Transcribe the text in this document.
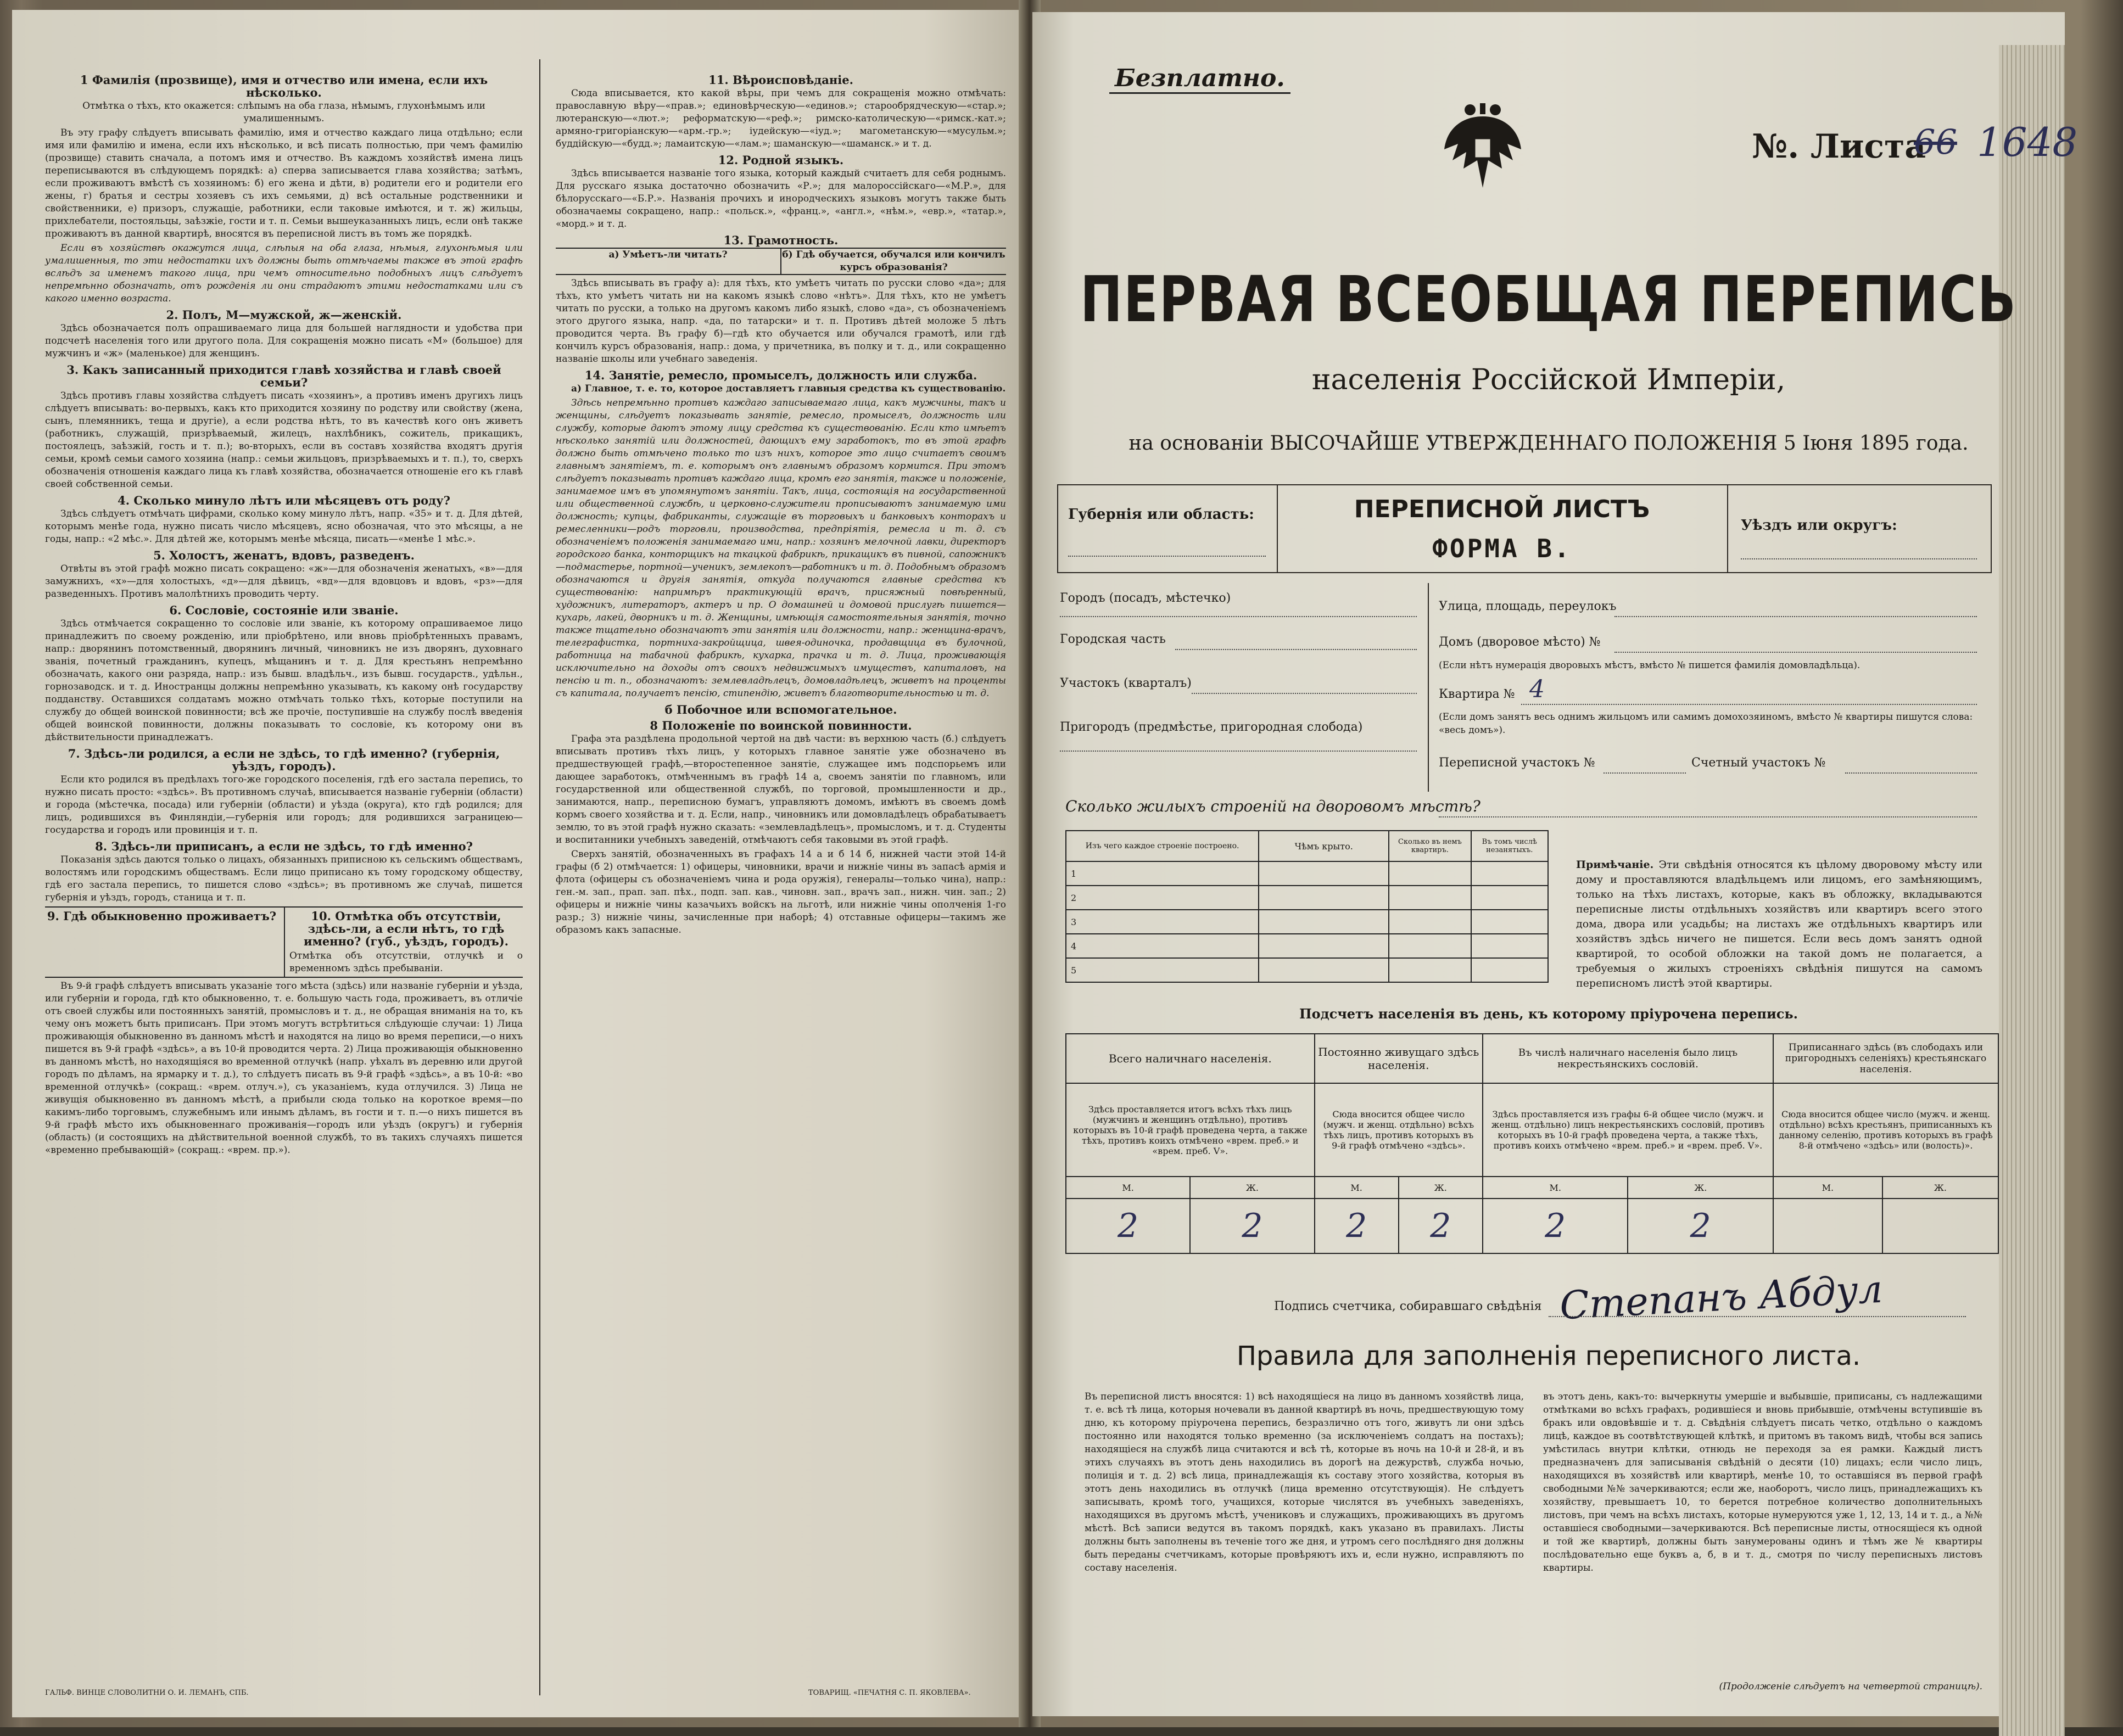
1 Фамилія (прозвище), имя и отчество или имена, если ихъ нѣсколько.

Отмѣтка о тѣхъ, кто окажется: слѣпымъ на оба глаза, нѣмымъ, глухонѣмымъ или умалишеннымъ.

Въ эту графу слѣдуетъ вписывать фамилію, имя и отчество каждаго лица отдѣльно; если имя или фамилію и имена, если ихъ нѣсколько, и всѣ писать полностью, при чемъ фамилію (прозвище) ставить сначала, а потомъ имя и отчество. Въ каждомъ хозяйствѣ имена лицъ переписываются въ слѣдующемъ порядкѣ: а) сперва записывается глава хозяйства; затѣмъ, если проживаютъ вмѣстѣ съ хозяиномъ: б) его жена и дѣти, в) родители его и родители его жены, г) братья и сестры хозяевъ съ ихъ семьями, д) всѣ остальные родственники и свойственники, е) призоръ, служащіе, работники, если таковые имѣются, и т. ж) жильцы, прихлебатели, постояльцы, заѣзжіе, гости и т. п. Семьи вышеуказанныхъ лицъ, если онѣ также проживаютъ въ данной квартирѣ, вносятся въ переписной листъ въ томъ же порядкѣ.

Если въ хозяйствѣ окажутся лица, слѣпыя на оба глаза, нѣмыя, глухонѣмыя или умалишенныя, то эти недостатки ихъ должны быть отмѣчаемы также въ этой графѣ вслѣдъ за именемъ такого лица, при чемъ относительно подобныхъ лицъ слѣдуетъ непремѣнно обозначать, отъ рожденія ли они страдаютъ этими недостатками или съ какого именно возраста.

2. Полъ, М—мужской, ж—женскій.

Здѣсь обозначается полъ опрашиваемаго лица для большей наглядности и удобства при подсчетѣ населенія того или другого пола. Для сокращенія можно писать «М» (большое) для мужчинъ и «ж» (маленькое) для женщинъ.

3. Какъ записанный приходится главѣ хозяйства и главѣ своей семьи?

Здѣсь противъ главы хозяйства слѣдуетъ писать «хозяинъ», а противъ именъ другихъ лицъ слѣдуетъ вписывать: во-первыхъ, какъ кто приходится хозяину по родству или свойству (жена, сынъ, племянникъ, теща и другіе), а если родства нѣтъ, то въ качествѣ кого онъ живетъ (работникъ, служащій, призрѣваемый, жилецъ, нахлѣбникъ, сожитель, прикащикъ, постоялецъ, заѣзжій, гость и т. п.); во-вторыхъ, если въ составъ хозяйства входятъ другія семьи, кромѣ семьи самого хозяина (напр.: семьи жильцовъ, призрѣваемыхъ и т. п.), то, сверхъ обозначенія отношенія каждаго лица къ главѣ хозяйства, обозначается отношеніе его къ главѣ своей собственной семьи.

4. Сколько минуло лѣтъ или мѣсяцевъ отъ роду?

Здѣсь слѣдуетъ отмѣчать цифрами, сколько кому минуло лѣтъ, напр. «35» и т. д. Для дѣтей, которымъ менѣе года, нужно писать число мѣсяцевъ, ясно обозначая, что это мѣсяцы, а не годы, напр.: «2 мѣс.». Для дѣтей же, которымъ менѣе мѣсяца, писать—«менѣе 1 мѣс.».

5. Холостъ, женатъ, вдовъ, разведенъ.

Отвѣты въ этой графѣ можно писать сокращено: «ж»—для обозначенія женатыхъ, «в»—для замужнихъ, «х»—для холостыхъ, «д»—для дѣвицъ, «вд»—для вдовцовъ и вдовъ, «рз»—для разведенныхъ. Противъ малолѣтнихъ проводить черту.

6. Сословіе, состояніе или званіе.

Здѣсь отмѣчается сокращенно то сословіе или званіе, къ которому опрашиваемое лицо принадлежитъ по своему рожденію, или пріобрѣтено, или вновь пріобрѣтенныхъ правамъ, напр.: дворянинъ потомственный, дворянинъ личный, чиновникъ не изъ дворянъ, духовнаго званія, почетный гражданинъ, купецъ, мѣщанинъ и т. д. Для крестьянъ непремѣнно обозначать, какого они разряда, напр.: изъ бывш. владѣльч., изъ бывш. государств., удѣльн., горнозаводск. и т. д. Иностранцы должны непремѣнно указывать, къ какому онѣ государству подданству. Оставшихся солдатамъ можно отмѣчать только тѣхъ, которые поступили на службу до общей воинской повинности; всѣ же прочіе, поступившіе на службу послѣ введенія общей воинской повинности, должны показывать то сословіе, къ которому они въ дѣйствительности принадлежатъ.

7. Здѣсь-ли родился, а если не здѣсь, то гдѣ именно? (губернія, уѣздъ, городъ).

Если кто родился въ предѣлахъ того-же городского поселенія, гдѣ его застала перепись, то нужно писать просто: «здѣсь». Въ противномъ случаѣ, вписывается названіе губерніи (области) и города (мѣстечка, посада) или губерніи (области) и уѣзда (округа), кто гдѣ родился; для лицъ, родившихся въ Финляндіи,—губернія или городъ; для родившихся заграницею—государства и городъ или провинція и т. п.

8. Здѣсь-ли приписанъ, а если не здѣсь, то гдѣ именно?

Показанія здѣсь даются только о лицахъ, обязанныхъ приписною къ сельскимъ обществамъ, волостямъ или городскимъ обществамъ. Если лицо приписано къ тому городскому обществу, гдѣ его застала перепись, то пишется слово «здѣсь»; въ противномъ же случаѣ, пишется губернія и уѣздъ, городъ, станица и т. п.

9. Гдѣ обыкновенно проживаетъ?	10. Отмѣтка объ отсутствіи, здѣсь-ли, а если нѣтъ, то гдѣ именно? (губ., уѣздъ, городъ).

Отмѣтка объ отсутствіи, отлучкѣ и о временномъ здѣсь пребываніи.

Въ 9-й графѣ слѣдуетъ вписывать указаніе того мѣста (здѣсь) или названіе губерніи и уѣзда, или губерніи и города, гдѣ кто обыкновенно, т. е. большую часть года, проживаетъ, въ отличіе отъ своей службы или постоянныхъ занятій, промысловъ и т. д., не обращая вниманія на то, къ чему онъ можетъ быть приписанъ. При этомъ могутъ встрѣтиться слѣдующіе случаи: 1) Лица проживающія обыкновенно въ данномъ мѣстѣ и находятся на лицо во время переписи,—о нихъ пишется въ 9-й графѣ «здѣсь», а въ 10-й проводится черта. 2) Лица проживающія обыкновенно въ данномъ мѣстѣ, но находящіяся во временной отлучкѣ (напр. уѣхалъ въ деревню или другой городъ по дѣламъ, на ярмарку и т. д.), то слѣдуетъ писать въ 9-й графѣ «здѣсь», а въ 10-й: «во временной отлучкѣ» (сокращ.: «врем. отлуч.»), съ указаніемъ, куда отлучился. 3) Лица не живущія обыкновенно въ данномъ мѣстѣ, а прибыли сюда только на короткое время—по какимъ-либо торговымъ, служебнымъ или инымъ дѣламъ, въ гости и т. п.—о нихъ пишется въ 9-й графѣ мѣсто ихъ обыкновеннаго проживанія—городъ или уѣздъ (округъ) и губернія (область) (и состоящихъ на дѣйствительной военной службѣ, то въ такихъ случаяхъ пишется «временно пребывающій» (сокращ.: «врем. пр.»).

ГАЛЬФ. ВИНЦЕ СЛОВОЛИТНИ О. И. ЛЕМАНЪ, СПБ.
11. Вѣроисповѣданіе.

Сюда вписывается, кто какой вѣры, при чемъ для сокращенія можно отмѣчать: православную вѣру—«прав.»; единовѣрческую—«единов.»; старообрядческую—«стар.»; лютеранскую—«лют.»; реформатскую—«реф.»; римско-католическую—«римск.-кат.»; армяно-григоріанскую—«арм.-гр.»; іудейскую—«іуд.»; магометанскую—«мусульм.»; буддійскую—«будд.»; ламаитскую—«лам.»; шаманскую—«шаманск.» и т. д.

12. Родной языкъ.

Здѣсь вписывается названіе того языка, который каждый считаетъ для себя роднымъ. Для русскаго языка достаточно обозначить «Р.»; для малороссійскаго—«М.Р.», для бѣлорусскаго—«Б.Р.». Названія прочихъ и инородческихъ языковъ могутъ также быть обозначаемы сокращено, напр.: «польск.», «франц.», «англ.», «нѣм.», «евр.», «татар.», «морд.» и т. д.

13. Грамотность.
а) Умѣетъ-ли читать?	б) Гдѣ обучается, обучался или кончилъ курсъ образованія?

Здѣсь вписывать въ графу а): для тѣхъ, кто умѣетъ читать по русски слово «да»; для тѣхъ, кто умѣетъ читать ни на какомъ языкѣ слово «нѣтъ». Для тѣхъ, кто не умѣетъ читать по русски, а только на другомъ какомъ либо языкѣ, слово «да», съ обозначеніемъ этого другого языка, напр. «да, по татарски» и т. п. Противъ дѣтей моложе 5 лѣтъ проводится черта. Въ графу б)—гдѣ кто обучается или обучался грамотѣ, или гдѣ кончилъ курсъ образованія, напр.: дома, у причетника, въ полку и т. д., или сокращенно названіе школы или учебнаго заведенія.

14. Занятіе, ремесло, промыселъ, должность или служба.

а) Главное, т. е. то, которое доставляетъ главныя средства къ существованію.

Здѣсь непремѣнно противъ каждаго записываемаго лица, какъ мужчины, такъ и женщины, слѣдуетъ показывать занятіе, ремесло, промыселъ, должность или службу, которые даютъ этому лицу средства къ существованію. Если кто имѣетъ нѣсколько занятій или должностей, дающихъ ему заработокъ, то въ этой графѣ должно быть отмѣчено только то изъ нихъ, которое это лицо считаетъ своимъ главнымъ занятіемъ, т. е. которымъ онъ главнымъ образомъ кормится. При этомъ слѣдуетъ показывать противъ каждаго лица, кромѣ его занятія, также и положеніе, занимаемое имъ въ упомянутомъ занятіи. Такъ, лица, состоящія на государственной или общественной службѣ, и церковно-служители прописываютъ занимаемую ими должность; купцы, фабриканты, служащіе въ торговыхъ и банковыхъ конторахъ и ремесленники—родъ торговли, производства, предпріятія, ремесла и т. д. съ обозначеніемъ положенія занимаемаго ими, напр.: хозяинъ мелочной лавки, директоръ городского банка, конторщикъ на ткацкой фабрикѣ, прикащикъ въ пивной, сапожникъ—подмастерье, портной—ученикъ, землекопъ—работникъ и т. д. Подобнымъ образомъ обозначаются и другія занятія, откуда получаются главные средства къ существованію: напримѣръ практикующій врачъ, присяжный повѣренный, художникъ, литераторъ, актеръ и пр. О домашней и домовой прислугѣ пишется—кухарь, лакей, дворникъ и т. д. Женщины, имѣющія самостоятельныя занятія, точно также тщательно обозначаютъ эти занятія или должности, напр.: женщина-врачъ, телеграфистка, портниха-закройщица, швея-одиночка, продавщица въ булочной, работница на табачной фабрикѣ, кухарка, прачка и т. д. Лица, проживающія исключительно на доходы отъ своихъ недвижимыхъ имуществъ, капиталовъ, на пенсію и т. п., обозначаютъ: землевладѣлецъ, домовладѣлецъ, живетъ на проценты съ капитала, получаетъ пенсію, стипендію, живетъ благотворительностью и т. д.

б Побочное или вспомогательное.
8 Положеніе по воинской повинности.

Графа эта раздѣлена продольной чертой на двѣ части: въ верхнюю часть (б.) слѣдуетъ вписывать противъ тѣхъ лицъ, у которыхъ главное занятіе уже обозначено въ предшествующей графѣ,—второстепенное занятіе, служащее имъ подспорьемъ или дающее заработокъ, отмѣченнымъ въ графѣ 14 а, своемъ занятіи по главномъ, или государственной или общественной службѣ, по торговой, промышленности и др., занимаются, напр., переписною бумагъ, управляютъ домомъ, имѣютъ въ своемъ домѣ кормъ своего хозяйства и т. д. Если, напр., чиновникъ или домовладѣлецъ обрабатываетъ землю, то въ этой графѣ нужно сказать: «землевладѣлецъ», промысломъ, и т. д. Студенты и воспитанники учебныхъ заведеній, отмѣчаютъ себя таковыми въ этой графѣ.

Сверхъ занятій, обозначенныхъ въ графахъ 14 а и б 14 б, нижней части этой 14-й графы (б 2) отмѣчается: 1) офицеры, чиновники, врачи и нижніе чины въ запасѣ армія и флота (офицеры съ обозначеніемъ чина и рода оружія), генералы—только чина), напр.: ген.-м. зап., прап. зап. пѣх., подп. зап. кав., чиновн. зап., врачъ зап., нижн. чин. зап.; 2) офицеры и нижніе чины казачьихъ войскъ на льготѣ, или нижніе чины ополченія 1-го разр.; 3) нижніе чины, зачисленные при наборѣ; 4) отставные офицеры—такимъ же образомъ какъ запасные.

ТОВАРИЩ. «ПЕЧАТНЯ С. П. ЯКОВЛЕВА».
Безплатно.
№. Листа
66 1648
ПЕРВАЯ ВСЕОБЩАЯ ПЕРЕПИСЬ
населенія Россійской Имперіи,
на основаніи ВЫСОЧАЙШЕ УТВЕРЖДЕННАГО ПОЛОЖЕНІЯ 5 Іюня 1895 года.
Губернія или область:	ПЕРЕПИСНОЙ ЛИСТЪ
ФОРМА В.
Уѣздъ или округъ:
Городъ (посадъ, мѣстечко)
Городская часть
Участокъ (кварталъ)
Пригородъ (предмѣстье, пригородная слобода)
Улица, площадь, переулокъ
Домъ (дворовое мѣсто) №
(Если нѣтъ нумерація дворовыхъ мѣстъ, вмѣсто № пишется фамилія домовладѣльца).
Квартира № 4
(Если домъ занятъ весь однимъ жильцомъ или самимъ домохозяиномъ, вмѣсто № квартиры пишутся слова: «весь домъ»).
Переписной участокъ №	Счетный участокъ №
Сколько жилыхъ строеній на дворовомъ мѣстѣ?
Изъ чего каждое строеніе построено.	Чѣмъ крыто.	Сколько въ немъ квартиръ.	Въ томъ числѣ незанятыхъ.
1			
2			
3			
4			
5			
Примѣчаніе. Эти свѣдѣнія относятся къ цѣлому дворовому мѣсту или дому и проставляются владѣльцемъ или лицомъ, его замѣняющимъ, только на тѣхъ листахъ, которые, какъ въ обложку, вкладываются переписные листы отдѣльныхъ хозяйствъ или квартиръ всего этого дома, двора или усадьбы; на листахъ же отдѣльныхъ квартиръ или хозяйствъ здѣсь ничего не пишется. Если весь домъ занятъ одной квартирой, то особой обложки на такой домъ не полагается, а требуемыя о жилыхъ строеніяхъ свѣдѣнія пишутся на самомъ переписномъ листѣ этой квартиры.
Подсчетъ населенія въ день, къ которому пріурочена перепись.
Всего наличнаго населенія.		Постоянно живущаго здѣсь населенія.		Въ числѣ наличнаго населенія было лицъ некрестьянскихъ сословій.		Приписаннаго здѣсь (въ слободахъ или пригородныхъ селеніяхъ) крестьянскаго населенія.	
Здѣсь проставляется итогъ всѣхъ тѣхъ лицъ (мужчинъ и женщинъ отдѣльно), противъ которыхъ въ 10-й графѣ проведена черта, а также тѣхъ, противъ коихъ отмѣчено «врем. преб.» и «врем. преб. V».		Сюда вносится общее число (мужч. и женщ. отдѣльно) всѣхъ тѣхъ лицъ, противъ которыхъ въ 9-й графѣ отмѣчено «здѣсь».		Здѣсь проставляется изъ графы 6-й общее число (мужч. и женщ. отдѣльно) лицъ некрестьянскихъ сословій, противъ которыхъ въ 10-й графѣ проведена черта, а также тѣхъ, противъ коихъ отмѣчено «врем. преб.» и «врем. преб. V».		Сюда вносится общее число (мужч. и женщ. отдѣльно) всѣхъ крестьянъ, приписанныхъ къ данному селенію, противъ которыхъ въ графѣ 8-й отмѣчено «здѣсь» или (волость)».	
М.	Ж.	М.	Ж.	М.	Ж.	М.	Ж.
2	2	2	2	2	2		
Подпись счетчика, собиравшаго свѣдѣнія Степанъ Абдул
Правила для заполненія переписного листа.
Въ переписной листъ вносятся: 1) всѣ находящіеся на лицо въ данномъ хозяйствѣ лица, т. е. всѣ тѣ лица, которыя ночевали въ данной квартирѣ въ ночь, предшествующую тому дню, къ которому пріурочена перепись, безразлично отъ того, живутъ ли они здѣсь постоянно или находятся только временно (за исключеніемъ солдатъ на постахъ); находящіеся на службѣ лица считаются и всѣ тѣ, которые въ ночь на 10-й и 28-й, и въ этихъ случаяхъ въ этотъ день находились въ дорогѣ на дежурствѣ, служба ночью, полиція и т. д. 2) всѣ лица, принадлежащія къ составу этого хозяйства, которыя въ этотъ день находились въ отлучкѣ (лица временно отсутствующія). Не слѣдуетъ записывать, кромѣ того, учащихся, которые числятся въ учебныхъ заведеніяхъ, находящихся въ другомъ мѣстѣ, учениковъ и служащихъ, проживающихъ въ другомъ мѣстѣ. Всѣ записи ведутся въ такомъ порядкѣ, какъ указано въ правилахъ. Листы должны быть заполнены въ теченіе того же дня, и утромъ сего послѣдняго дня должны быть переданы счетчикамъ, которые провѣряютъ ихъ и, если нужно, исправляютъ по составу населенія.
въ этотъ день, какъ-то: вычеркнуты умершіе и выбывшіе, приписаны, съ надлежащими отмѣтками во всѣхъ графахъ, родившіеся и вновь прибывшіе, отмѣчены вступившіе въ бракъ или овдовѣвшіе и т. д. Свѣдѣнія слѣдуетъ писать четко, отдѣльно о каждомъ лицѣ, каждое въ соотвѣтствующей клѣткѣ, и притомъ въ такомъ видѣ, чтобы вся запись умѣстилась внутри клѣтки, отнюдь не переходя за ея рамки. Каждый листъ предназначенъ для записыванія свѣдѣній о десяти (10) лицахъ; если число лицъ, находящихся въ хозяйствѣ или квартирѣ, менѣе 10, то оставшіяся въ первой графѣ свободными №№ зачеркиваются; если же, наоборотъ, число лицъ, принадлежащихъ къ хозяйству, превышаетъ 10, то берется потребное количество дополнительныхъ листовъ, при чемъ на всѣхъ листахъ, которые нумеруются уже 1, 12, 13, 14 и т. д., а №№ оставшіеся свободными—зачеркиваются. Всѣ переписные листы, относящіеся къ одной и той же квартирѣ, должны быть занумерованы одинъ и тѣмъ же № квартиры послѣдовательно еще буквъ а, б, в и т. д., смотря по числу переписныхъ листовъ квартиры.
(Продолженіе слѣдуетъ на четвертой страницѣ).
